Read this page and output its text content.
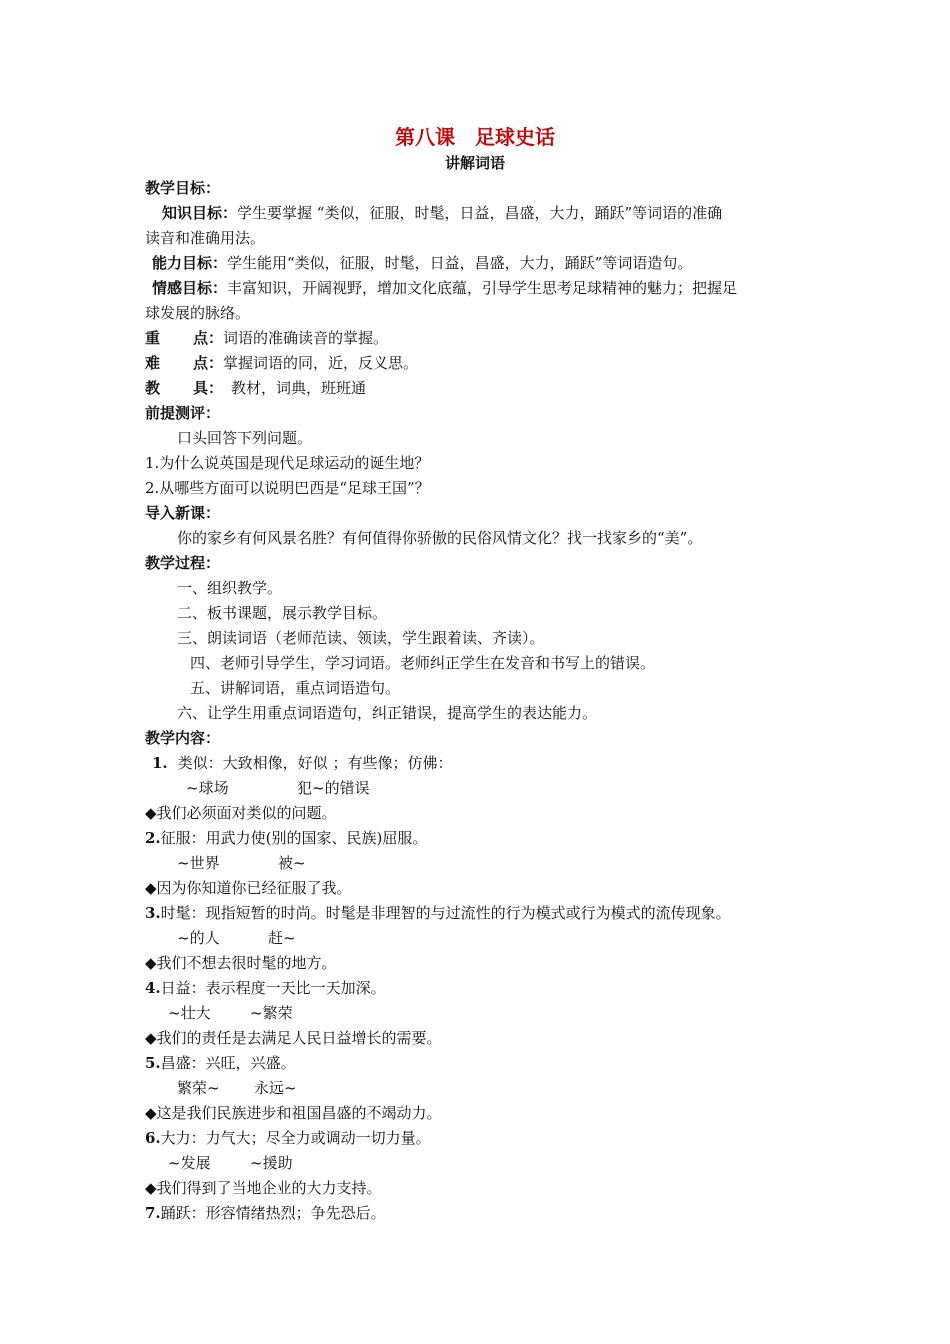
第八课　足球史话
讲解词语
教学目标：
知识目标：学生要掌握 “类似，征服，时髦，日益，昌盛，大力，踊跃”等词语的准确
读音和准确用法。
能力目标：学生能用“类似，征服，时髦，日益，昌盛，大力，踊跃”等词语造句。
情感目标：丰富知识，开阔视野，增加文化底蕴，引导学生思考足球精神的魅力；把握足
球发展的脉络。
重 点：词语的准确读音的掌握。
难 点：掌握词语的同，近，反义思。
教 具： 教材，词典，班班通
前提测评：
口头回答下列问题。
1.为什么说英国是现代足球运动的诞生地？
2.从哪些方面可以说明巴西是“足球王国”？
导入新课：
你的家乡有何风景名胜？有何值得你骄傲的民俗风情文化？找一找家乡的“美”。
教学过程：
一、组织教学。
二、板书课题，展示教学目标。
三、朗读词语（老师范读、领读，学生跟着读、齐读）。
四、老师引导学生，学习词语。老师纠正学生在发音和书写上的错误。
五、讲解词语，重点词语造句。
六、让学生用重点词语造句，纠正错误，提高学生的表达能力。
教学内容：
1. 类似：大致相像，好似 ；有些像；仿佛：
~球场	犯~的错误
◆我们必须面对类似的问题。
2.征服：用武力使(别的国家、民族)屈服。
~世界	被~
◆因为你知道你已经征服了我。
3.时髦：现指短暂的时尚。时髦是非理智的与过流性的行为模式或行为模式的流传现象。
~的人	赶~
◆我们不想去很时髦的地方。
4.日益：表示程度一天比一天加深。
~壮大	~繁荣
◆我们的责任是去满足人民日益增长的需要。
5.昌盛：兴旺，兴盛。
繁荣~ 永远~
◆这是我们民族进步和祖国昌盛的不竭动力。
6.大力：力气大；尽全力或调动一切力量。
~发展	~援助
◆我们得到了当地企业的大力支持。
7.踊跃：形容情绪热烈；争先恐后。
